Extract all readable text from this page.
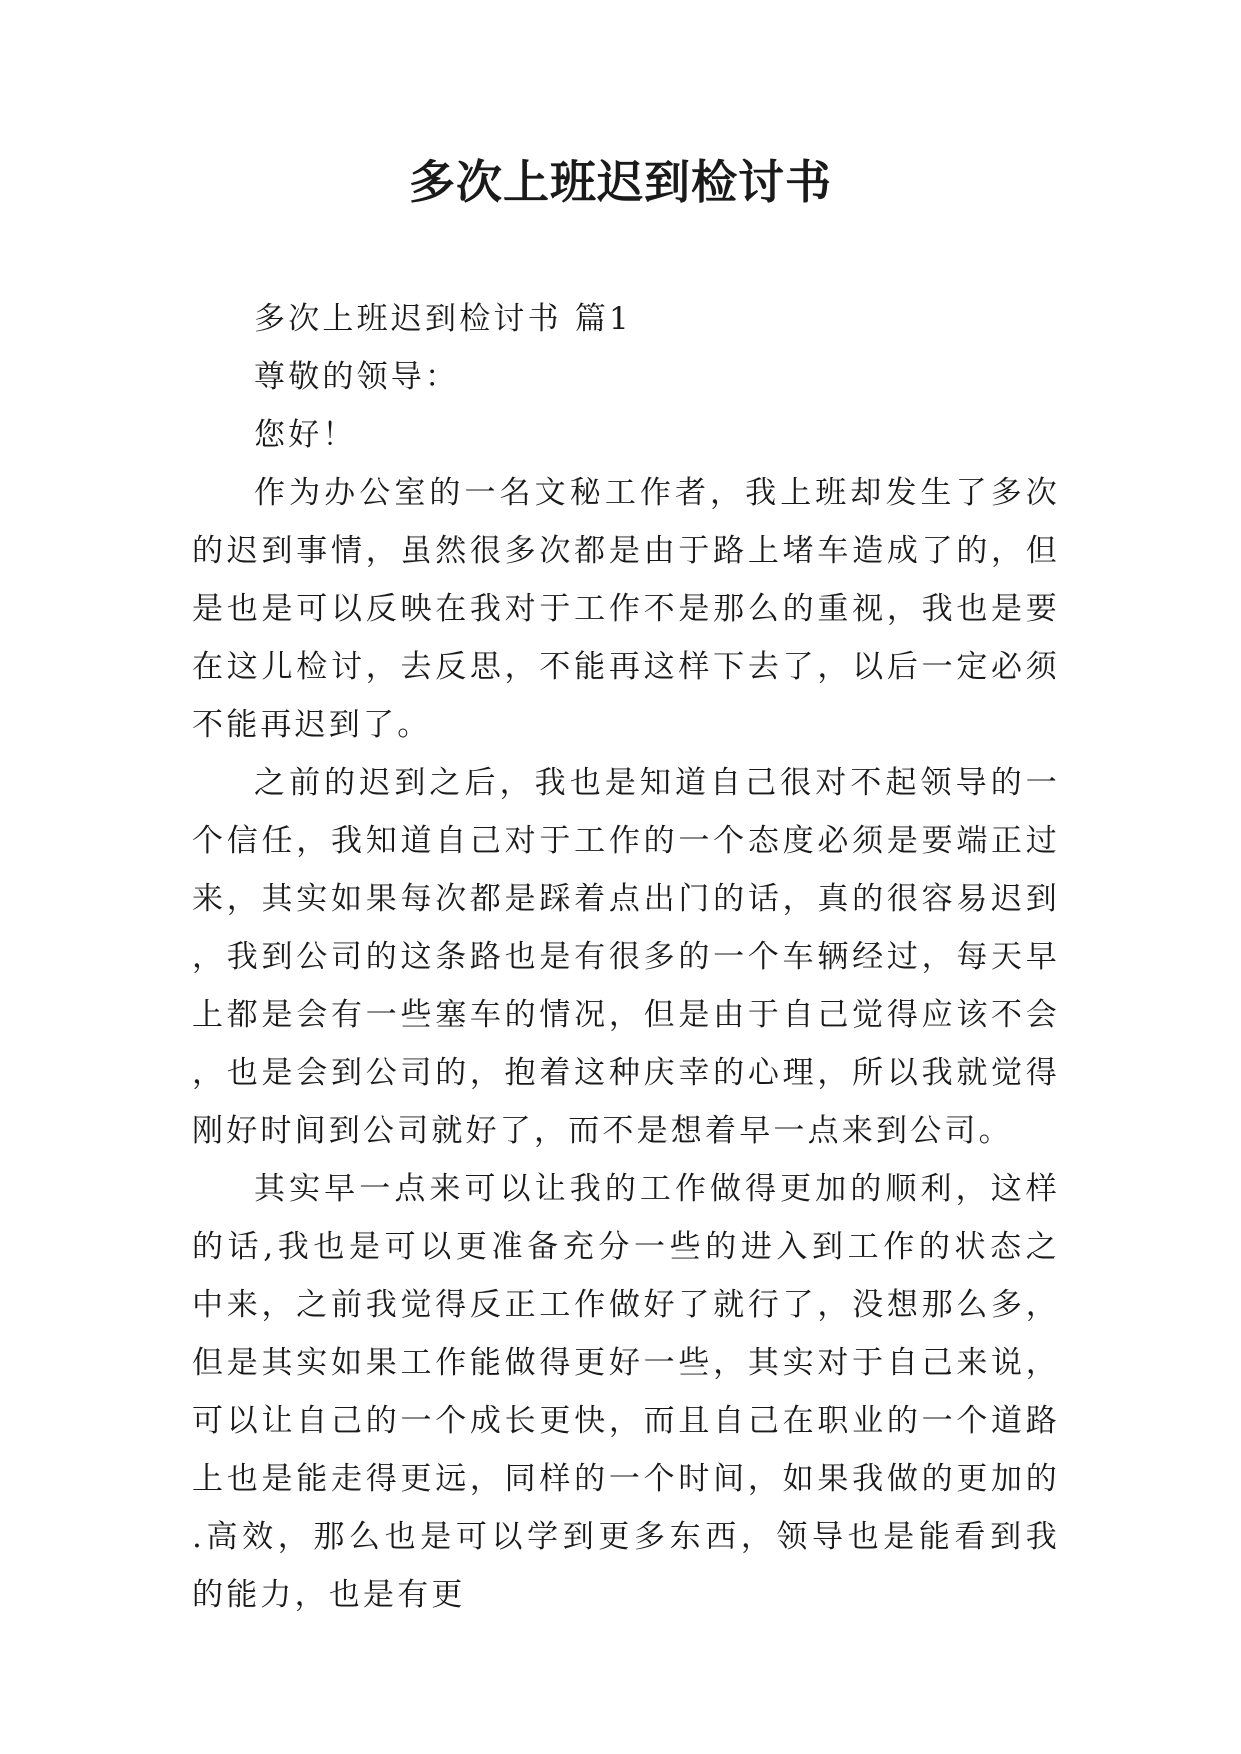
多次上班迟到检讨书

多次上班迟到检讨书 篇1

尊敬的领导：

您好！

作为办公室的一名文秘工作者，我上班却发生了多次的迟到事情，虽然很多次都是由于路上堵车造成了的，但是也是可以反映在我对于工作不是那么的重视，我也是要在这儿检讨，去反思，不能再这样下去了，以后一定必须不能再迟到了。

之前的迟到之后，我也是知道自己很对不起领导的一个信任，我知道自己对于工作的一个态度必须是要端正过来，其实如果每次都是踩着点出门的话，真的很容易迟到，我到公司的这条路也是有很多的一个车辆经过，每天早上都是会有一些塞车的情况，但是由于自己觉得应该不会，也是会到公司的，抱着这种庆幸的心理，所以我就觉得刚好时间到公司就好了，而不是想着早一点来到公司。

其实早一点来可以让我的工作做得更加的顺利，这样的话,我也是可以更准备充分一些的进入到工作的状态之中来，之前我觉得反正工作做好了就行了，没想那么多，但是其实如果工作能做得更好一些，其实对于自己来说，可以让自己的一个成长更快，而且自己在职业的一个道路上也是能走得更远，同样的一个时间，如果我做的更加的.高效，那么也是可以学到更多东西，领导也是能看到我的能力，也是有更
